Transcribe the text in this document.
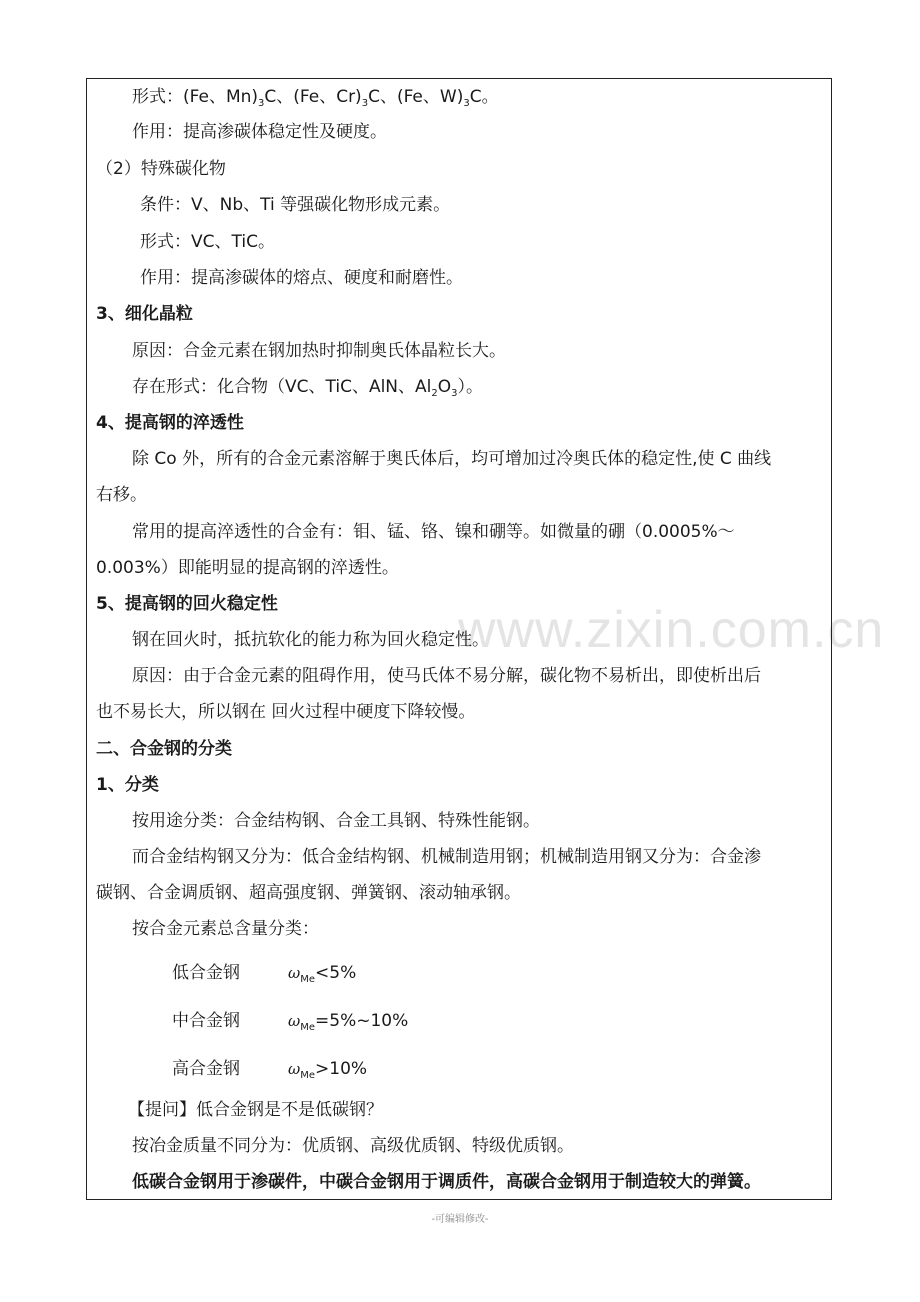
www.zixin.com.cn
形式：(Fe、$Mn)_3C$、(Fe、$Cr)_3C$、(Fe、$W)_3C$。
作用：提高渗碳体稳定性及硬度。
（2）特殊碳化物
条件：V、Nb、Ti 等强碳化物形成元素。
形式：VC、TiC。
作用：提高渗碳体的熔点、硬度和耐磨性。
3、细化晶粒
原因：合金元素在钢加热时抑制奥氏体晶粒长大。
存在形式：化合物（VC、TiC、AlN、$Al_2O_3$）。
4、提高钢的淬透性
除 Co 外，所有的合金元素溶解于奥氏体后，均可增加过冷奥氏体的稳定性,使 C 曲线
右移。
常用的提高淬透性的合金有：钼、锰、铬、镍和硼等。如微量的硼（0.0005%～
0.003%）即能明显的提高钢的淬透性。
5、提高钢的回火稳定性
钢在回火时，抵抗软化的能力称为回火稳定性。
原因：由于合金元素的阻碍作用，使马氏体不易分解，碳化物不易析出，即使析出后
也不易长大，所以钢在 回火过程中硬度下降较慢。
二、合金钢的分类
1、分类
按用途分类：合金结构钢、合金工具钢、特殊性能钢。
而合金结构钢又分为：低合金结构钢、机械制造用钢；机械制造用钢又分为：合金渗
碳钢、合金调质钢、超高强度钢、弹簧钢、滚动轴承钢。
按合金元素总含量分类：
低合金钢	$\omega_{Me}<5\%$
中合金钢	$\omega_{Me}=5\%\sim 10\%$
高合金钢	$\omega_{Me}>10\%$
【提问】低合金钢是不是低碳钢？
按冶金质量不同分为：优质钢、高级优质钢、特级优质钢。
低碳合金钢用于渗碳件，中碳合金钢用于调质件，高碳合金钢用于制造较大的弹簧。
-可编辑修改-
